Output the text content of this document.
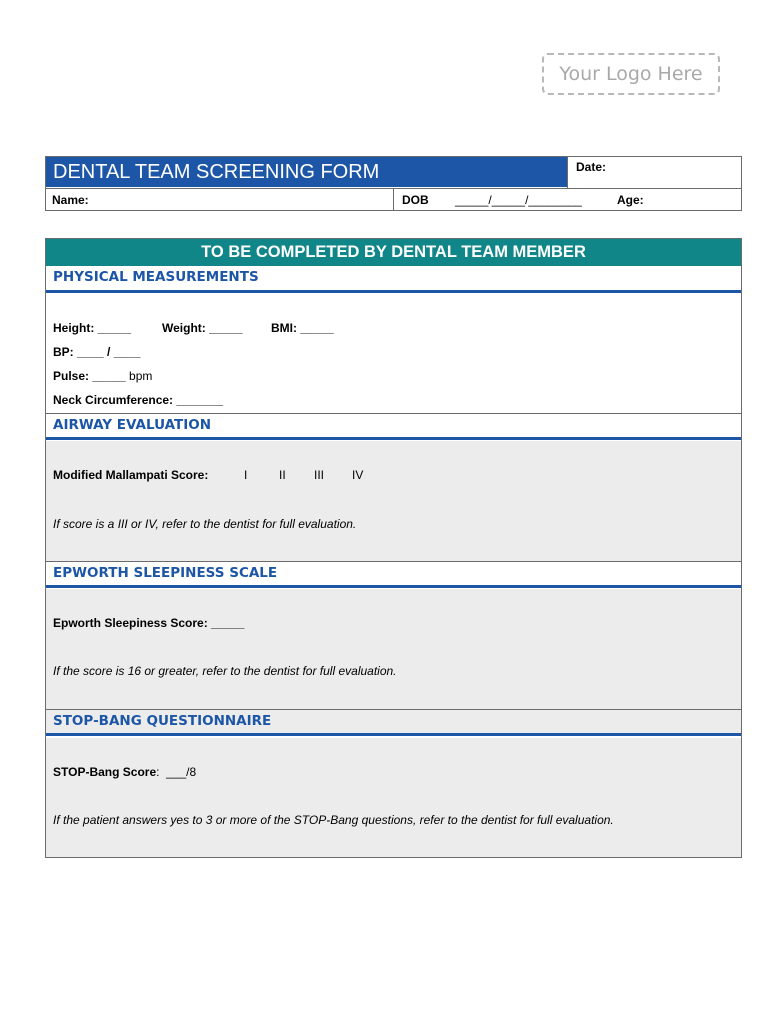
Your Logo Here
DENTAL TEAM SCREENING FORM	Date:
Name:	DOB _____/_____/________	Age:
TO BE COMPLETED BY DENTAL TEAM MEMBER
PHYSICAL MEASUREMENTS
Height: _____	Weight: _____ BMI: _____
BP: ____ / ____
Pulse: _____ bpm
Neck Circumference: _______
AIRWAY EVALUATION
Modified Mallampati Score:	I	II III IV
If score is a III or IV, refer to the dentist for full evaluation.
EPWORTH SLEEPINESS SCALE
Epworth Sleepiness Score: _____
If the score is 16 or greater, refer to the dentist for full evaluation.
STOP-BANG QUESTIONNAIRE
STOP-Bang Score:  ___/8
If the patient answers yes to 3 or more of the STOP-Bang questions, refer to the dentist for full evaluation.
